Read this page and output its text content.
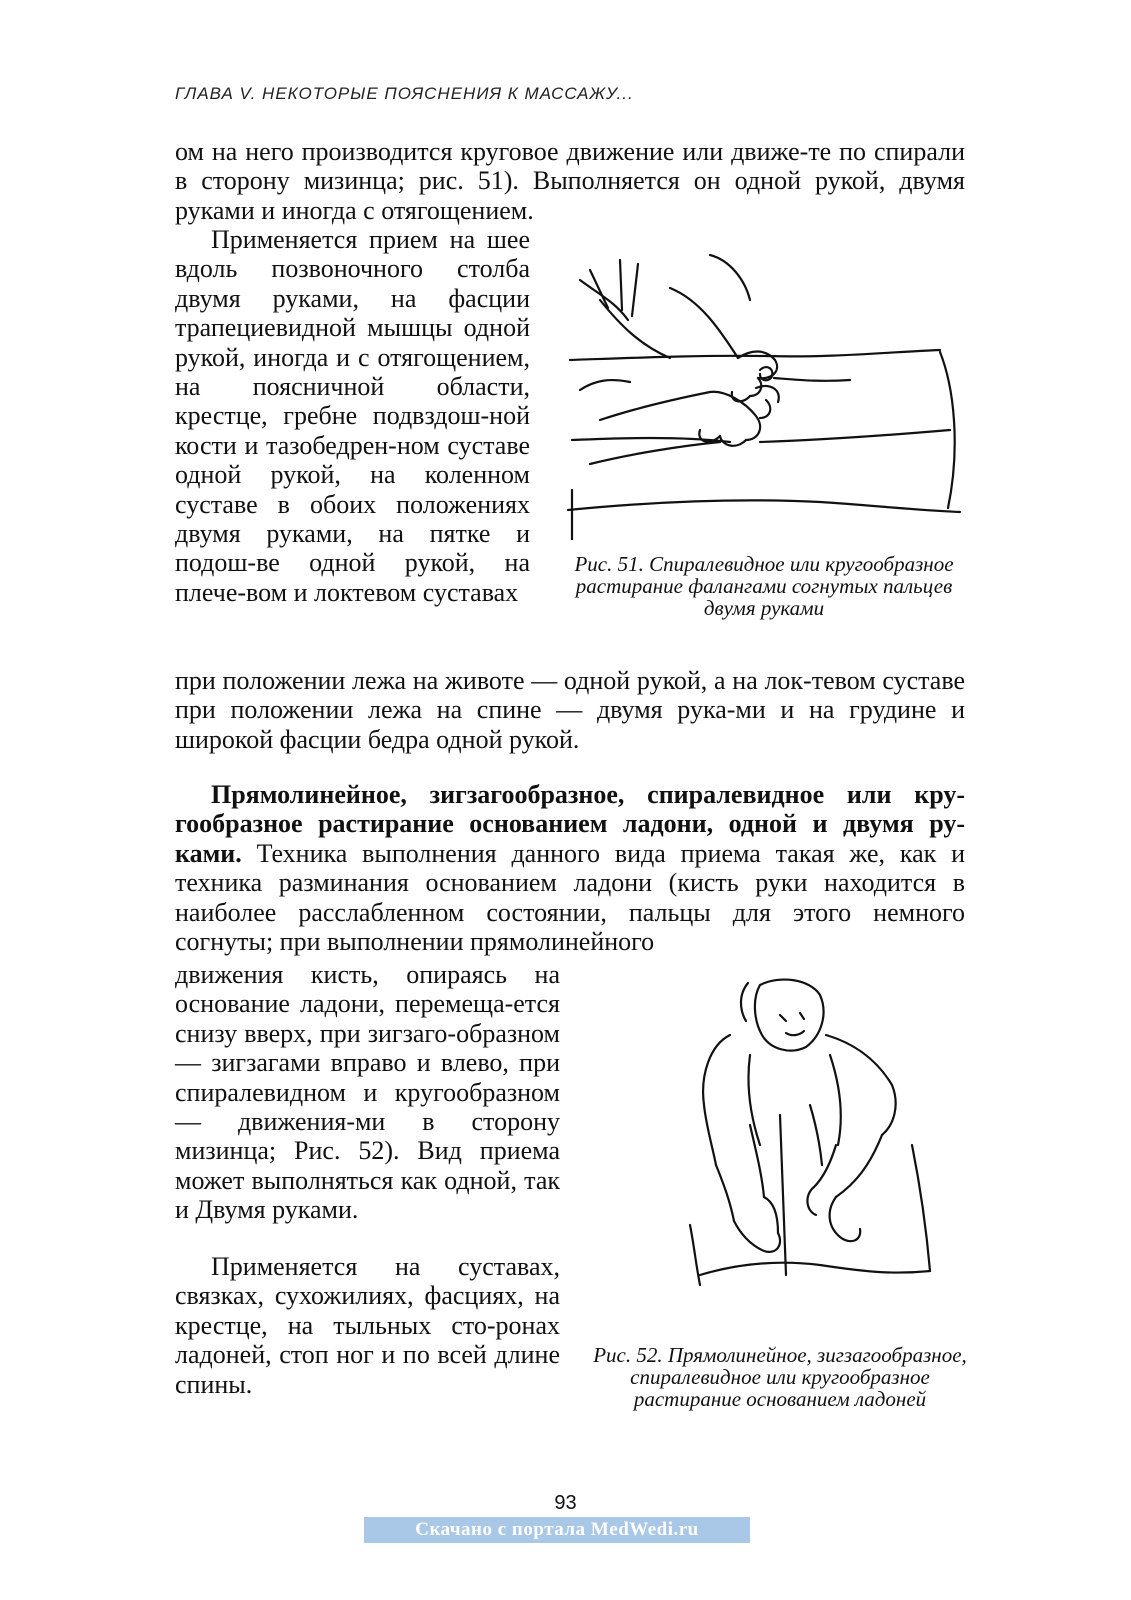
ГЛАВА V. НЕКОТОРЫЕ ПОЯСНЕНИЯ К МАССАЖУ...

ом на него производится круговое движение или движе-те по спирали в сторону мизинца; рис. 51). Выполняется он одной рукой, двумя руками и иногда с отягощением.

Применяется прием на шее вдоль позвоночного столба двумя руками, на фасции трапециевидной мышцы одной рукой, иногда и с отягощением, на поясничной области, крестце, гребне подвздош-ной кости и тазобедрен-ном суставе одной рукой, на коленном суставе в обоих положениях двумя руками, на пятке и подош-ве одной рукой, на плече-вом и локтевом суставах

при положении лежа на животе — одной рукой, а на лок-тевом суставе при положении лежа на спине — двумя рука-ми и на грудине и широкой фасции бедра одной рукой.

Рис. 51. Спиралевидное или кругообразное растирание фалангами согнутых пальцев двумя руками

Прямолинейное, зигзагообразное, спиралевидное или кру-гообразное растирание основанием ладони, одной и двумя ру-ками. Техника выполнения данного вида приема такая же, как и техника разминания основанием ладони (кисть руки находится в наиболее расслабленном состоянии, пальцы для этого немного согнуты; при выполнении прямолинейного

движения кисть, опираясь на основание ладони, перемеща-ется снизу вверх, при зигзаго-образном — зигзагами вправо и влево, при спиралевидном и кругообразном — движения-ми в сторону мизинца; Рис. 52). Вид приема может выполняться как одной, так и Двумя руками.

Рис. 52. Прямолинейное, зигзагообразное, спиралевидное или кругообразное растирание основанием ладоней

Применяется на суставах, связках, сухожилиях, фасциях, на крестце, на тыльных сто-ронах ладоней, стоп ног и по всей длине спины.

93
Скачано с портала MedWedi.ru
